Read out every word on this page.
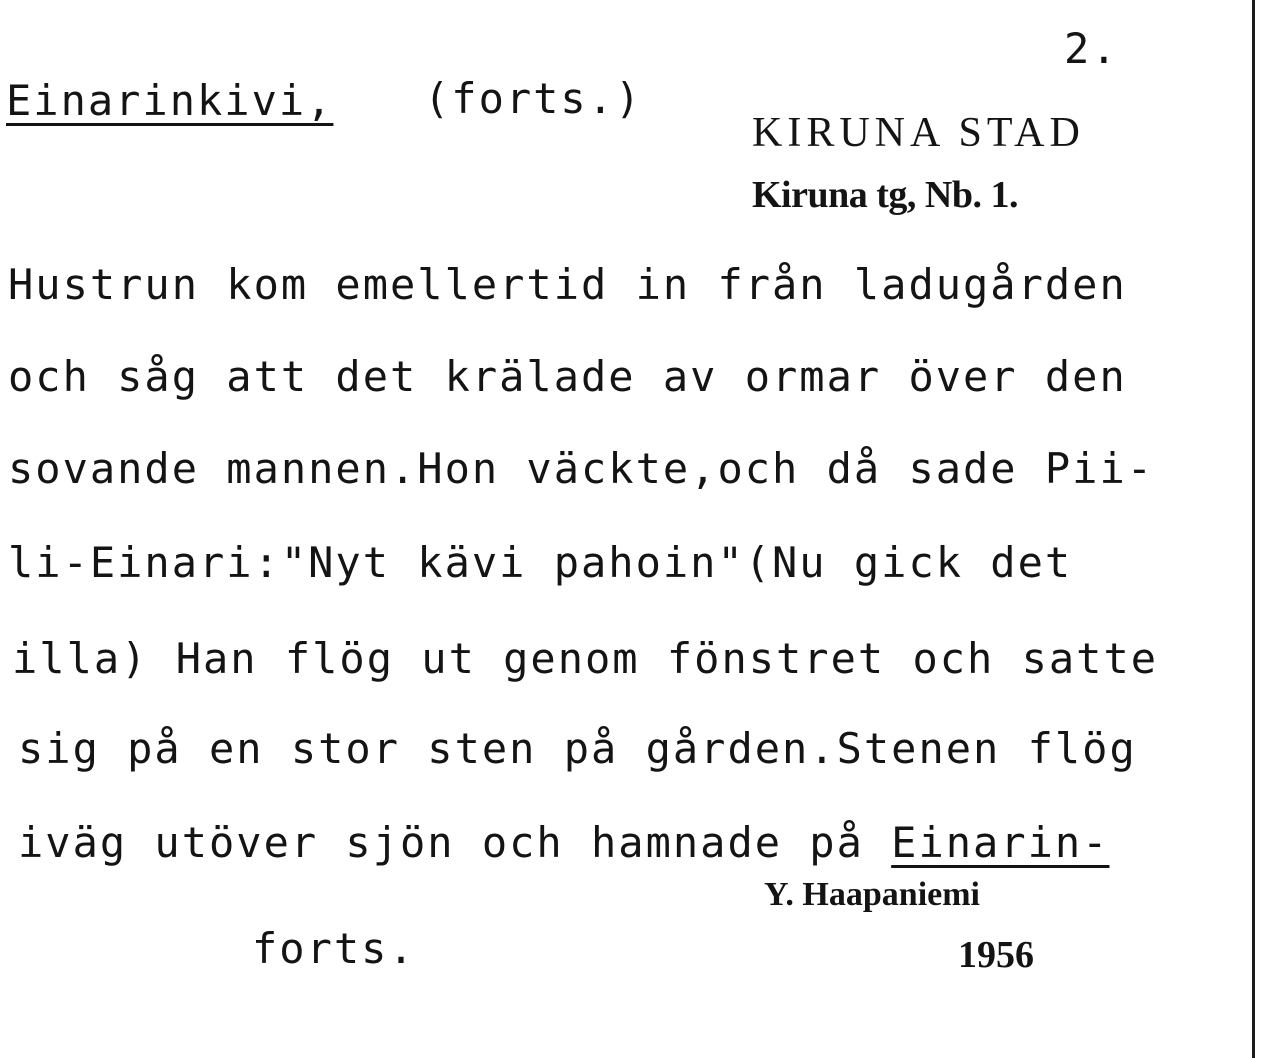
2.
Einarinkivi, (forts.)
KIRUNA STAD
Kiruna tg, Nb. 1.
Hustrun kom emellertid in från ladugården
och såg att det krälade av ormar över den
sovande mannen.Hon väckte,och då sade Pii-
li-Einari:"Nyt kävi pahoin"(Nu gick det
illa) Han flög ut genom fönstret och satte
sig på en stor sten på gården.Stenen flög
iväg utöver sjön och hamnade på Einarin-
Y. Haapaniemi
1956
forts.
